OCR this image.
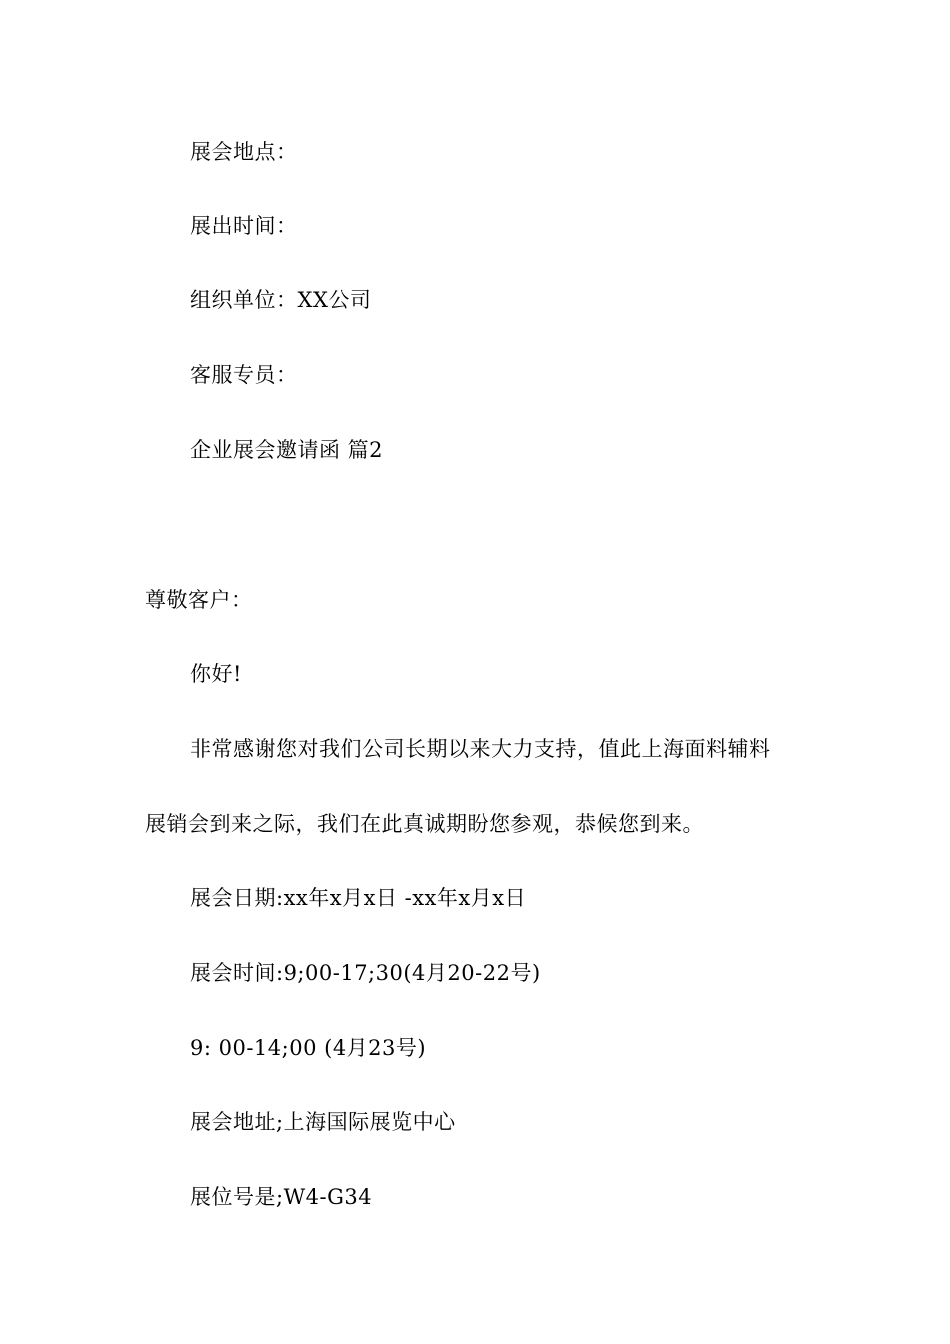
展会地点：
展出时间：
组织单位：XX公司
客服专员：
企业展会邀请函 篇2
尊敬客户：
你好!
非常感谢您对我们公司长期以来大力支持，值此上海面料辅料
展销会到来之际，我们在此真诚期盼您参观，恭候您到来。
展会日期:xx年x月x日 -xx年x月x日
展会时间:9;00-17;30(4月20-22号)
9: 00-14;00 (4月23号)
展会地址;上海国际展览中心
展位号是;W4-G34
